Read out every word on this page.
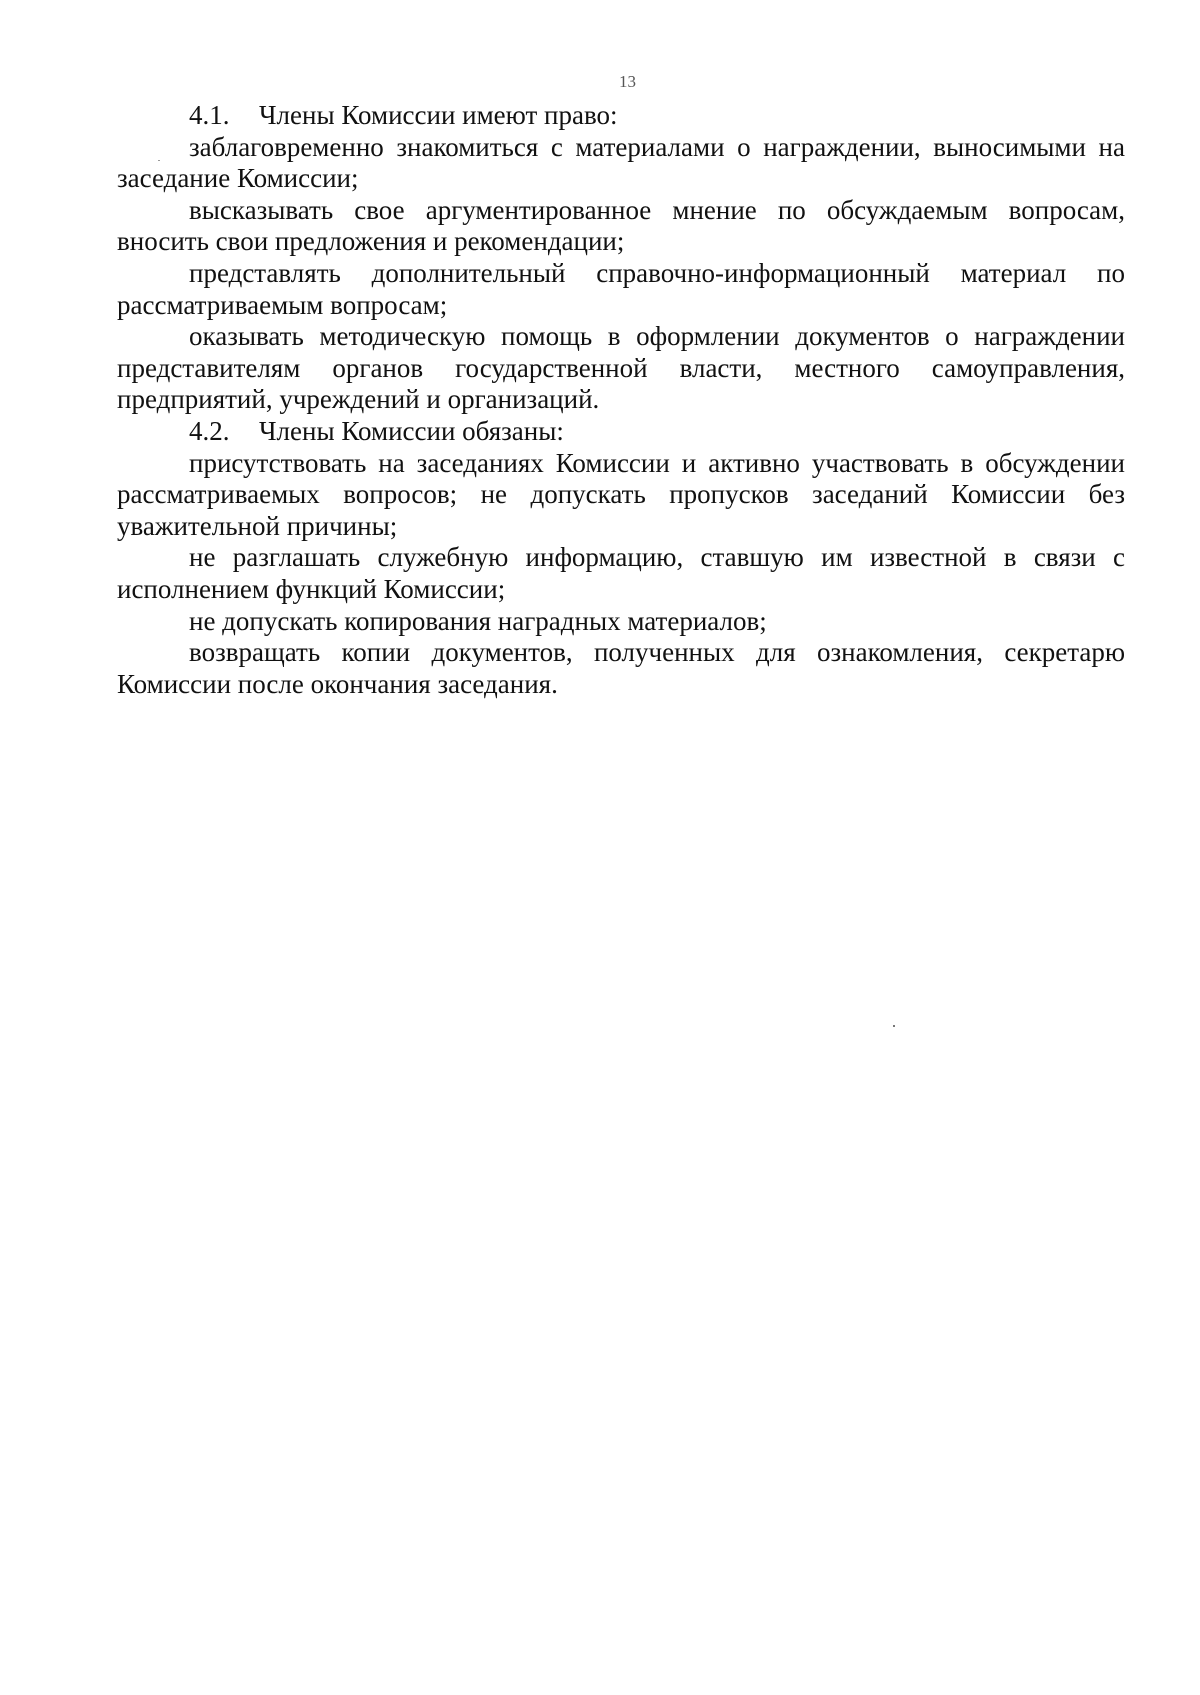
13
4.1.	Члены Комиссии имеют право:

заблаговременно знакомиться с материалами о награждении, выносимыми на заседание Комиссии;

высказывать свое аргументированное мнение по обсуждаемым вопросам, вносить свои предложения и рекомендации;

представлять дополнительный справочно-информационный материал по рассматриваемым вопросам;

оказывать методическую помощь в оформлении документов о награждении представителям органов государственной власти, местного самоуправления, предприятий, учреждений и организаций.

4.2.	Члены Комиссии обязаны:

присутствовать на заседаниях Комиссии и активно участвовать в обсуждении рассматриваемых вопросов; не допускать пропусков заседаний Комиссии без уважительной причины;

не разглашать служебную информацию, ставшую им известной в связи с исполнением функций Комиссии;

не допускать копирования наградных материалов;

возвращать копии документов, полученных для ознакомления, секретарю Комиссии после окончания заседания.
